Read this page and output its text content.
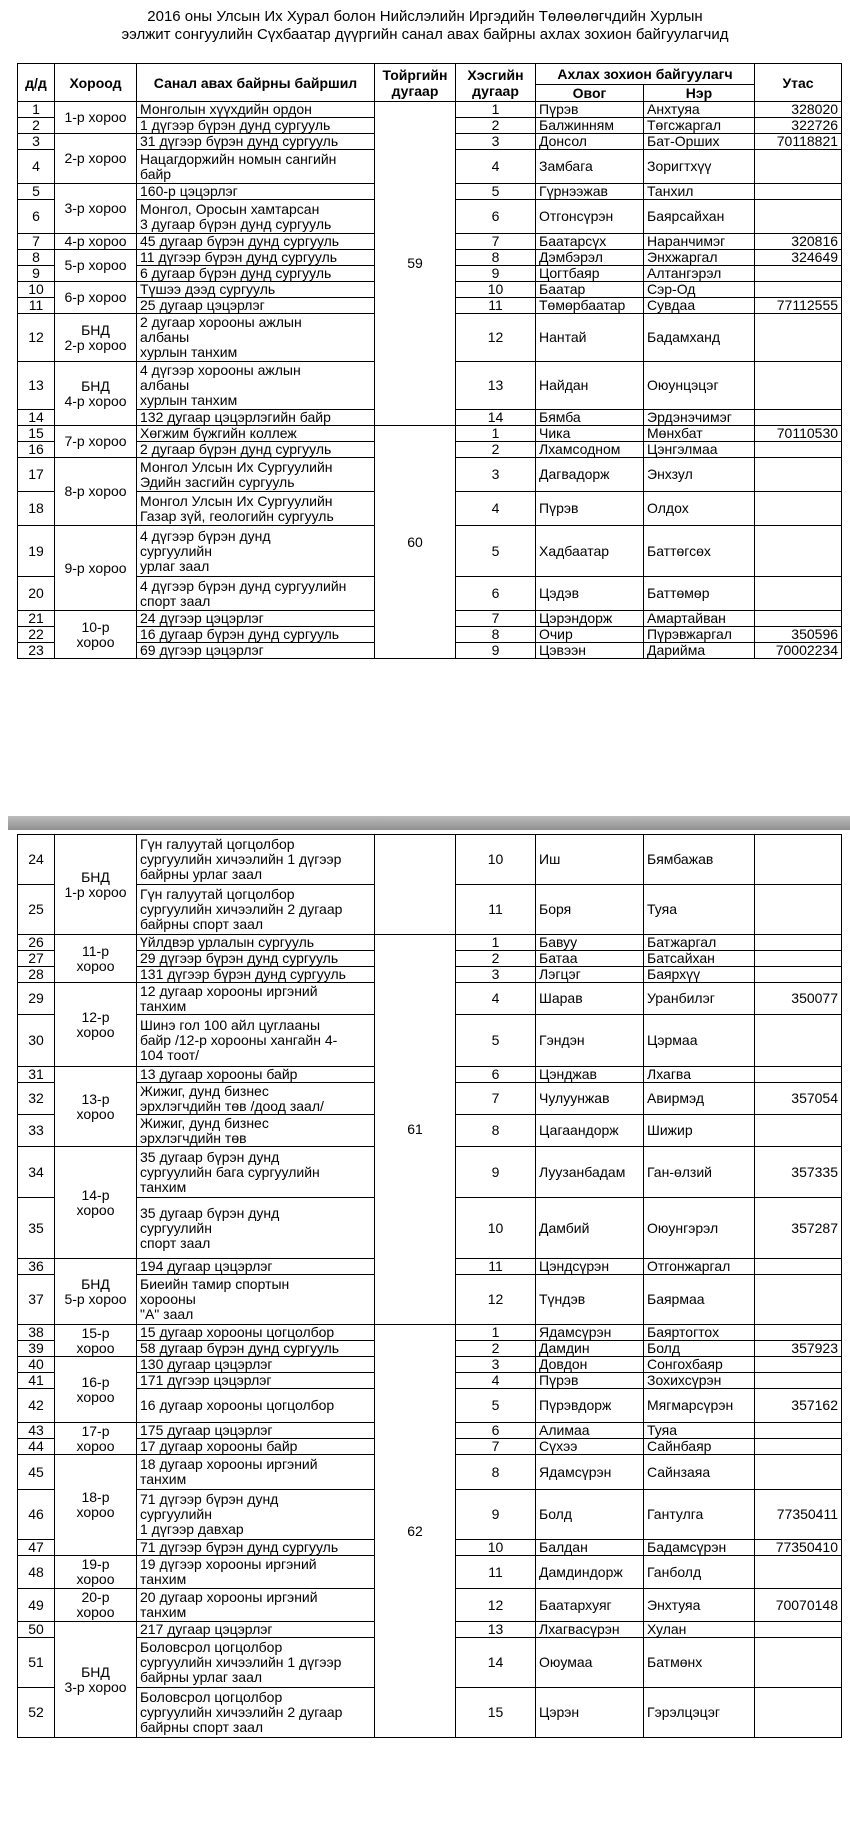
2016 оны Улсын Их Хурал болон Нийслэлийн Иргэдийн Төлөөлөгчдийн Хурлын
ээлжит сонгуулийн Сүхбаатар дүүргийн санал авах байрны ахлах зохион байгуулагчид
д/д	Хороод	Санал авах байрны байршил	Тойргийн дугаар	Хэсгийн дугаар	Ахлах зохион байгуулагч		Утас
					Овог	Нэр	
1	1-р хороо	Монголын хүүхдийн ордон	59	1	Пүрэв	Анхтуяа	328020
2		1 дүгээр бүрэн дунд сургууль		2	Балжинням	Төгсжаргал	322726
3	2-р хороо	31 дүгээр бүрэн дунд сургууль		3	Донсол	Бат-Орших	70118821
4		Нацагдоржийн номын сангийн
байр		4	Замбага	Зоригтхүү	
5	3-р хороо	160-р цэцэрлэг		5	Гүрнээжав	Танхил	
6		Монгол, Оросын хамтарсан
3 дугаар бүрэн дунд сургууль		6	Отгонсүрэн	Баярсайхан	
7	4-р хороо	45 дугаар бүрэн дунд сургууль		7	Баатарсүх	Наранчимэг	320816
8	5-р хороо	11 дүгээр бүрэн дунд сургууль		8	Дэмбэрэл	Энхжаргал	324649
9		6 дугаар бүрэн дунд сургууль		9	Цогтбаяр	Алтангэрэл	
10	6-р хороо	Түшээ дээд сургууль		10	Баатар	Сэр-Од	
11		25 дугаар цэцэрлэг		11	Төмөрбаатар	Сувдаа	77112555
12	БНД
2-р хороо	2 дугаар хорооны ажлын
албаны
хурлын танхим		12	Нантай	Бадамханд	
13	БНД
4-р хороо	4 дүгээр хорооны ажлын
албаны
хурлын танхим		13	Найдан	Оюунцэцэг	
14		132 дугаар цэцэрлэгийн байр		14	Бямба	Эрдэнэчимэг	
15	7-р хороо	Хөгжим бүжгийн коллеж	60	1	Чика	Мөнхбат	70110530
16		2 дугаар бүрэн дунд сургууль		2	Лхамсодном	Цэнгэлмаа	
17	8-р хороо	Монгол Улсын Их Сургуулийн
Эдийн засгийн сургууль		3	Дагвадорж	Энхзул	
18		Монгол Улсын Их Сургуулийн
Газар зүй, геологийн сургууль		4	Пүрэв	Олдох	
19	9-р хороо	4 дүгээр бүрэн дунд
сургуулийн
урлаг заал		5	Хадбаатар	Баттөгсөх	
20		4 дүгээр бүрэн дунд сургуулийн
спорт заал		6	Цэдэв	Баттөмөр	
21	10-р
хороо	24 дүгээр цэцэрлэг		7	Цэрэндорж	Амартайван	
22		16 дугаар бүрэн дунд сургууль		8	Очир	Пүрэвжаргал	350596
23		69 дүгээр цэцэрлэг		9	Цэвээн	Дарийма	70002234
24	БНД
1-р хороо	Гүн галуутай цогцолбор
сургуулийн хичээлийн 1 дүгээр
байрны урлаг заал		10	Иш	Бямбажав	
25		Гүн галуутай цогцолбор
сургуулийн хичээлийн 2 дугаар
байрны спорт заал		11	Боря	Туяа	
26	11-р
хороо	Үйлдвэр урлалын сургууль	61	1	Бавуу	Батжаргал	
27		29 дүгээр бүрэн дунд сургууль		2	Батаа	Батсайхан	
28		131 дүгээр бүрэн дунд сургууль		3	Лэгцэг	Баярхүү	
29	12-р
хороо	12 дугаар хорооны иргэний
танхим		4	Шарав	Уранбилэг	350077
30		Шинэ гол 100 айл цуглааны
байр /12-р хорооны хангайн 4-
104 тоот/		5	Гэндэн	Цэрмаа	
31	13-р
хороо	13 дугаар хорооны байр		6	Цэнджав	Лхагва	
32		Жижиг, дунд бизнес
эрхлэгчдийн төв /доод заал/		7	Чулуунжав	Авирмэд	357054
33		Жижиг, дунд бизнес
эрхлэгчдийн төв		8	Цагаандорж	Шижир	
34	14-р
хороо	35 дугаар бүрэн дунд
сургуулийн бага сургуулийн
танхим		9	Луузанбадам	Ган-өлзий	357335
35		35 дугаар бүрэн дунд
сургуулийн
спорт заал		10	Дамбий	Оюунгэрэл	357287
36	БНД
5-р хороо	194 дугаар цэцэрлэг		11	Цэндсүрэн	Отгонжаргал	
37		Биеийн тамир спортын
хорооны
"А" заал		12	Түндэв	Баярмаа	
38	15-р
хороо	15 дугаар хорооны цогцолбор	62	1	Ядамсүрэн	Баяртогтох	
39		58 дугаар бүрэн дунд сургууль		2	Дамдин	Болд	357923
40	16-р
хороо	130 дугаар цэцэрлэг		3	Довдон	Сонгохбаяр	
41		171 дүгээр цэцэрлэг		4	Пүрэв	Зохихсүрэн	
42		16 дугаар хорооны цогцолбор		5	Пүрэвдорж	Мягмарсүрэн	357162
43	17-р
хороо	175 дугаар цэцэрлэг		6	Алимаа	Туяа	
44		17 дугаар хорооны байр		7	Сүхээ	Сайнбаяр	
45	18-р
хороо	18 дугаар хорооны иргэний
танхим		8	Ядамсүрэн	Сайнзаяа	
46		71 дүгээр бүрэн дунд
сургуулийн
1 дүгээр давхар		9	Болд	Гантулга	77350411
47		71 дүгээр бүрэн дунд сургууль		10	Балдан	Бадамсүрэн	77350410
48	19-р
хороо	19 дүгээр хорооны иргэний
танхим		11	Дамдиндорж	Ганболд	
49	20-р
хороо	20 дугаар хорооны иргэний
танхим		12	Баатархуяг	Энхтуяа	70070148
50	БНД
3-р хороо	217 дугаар цэцэрлэг		13	Лхагвасүрэн	Хулан	
51		Боловсрол цогцолбор
сургуулийн хичээлийн 1 дүгээр
байрны урлаг заал		14	Оюумаа	Батмөнх	
52		Боловсрол цогцолбор
сургуулийн хичээлийн 2 дугаар
байрны спорт заал		15	Цэрэн	Гэрэлцэцэг	
